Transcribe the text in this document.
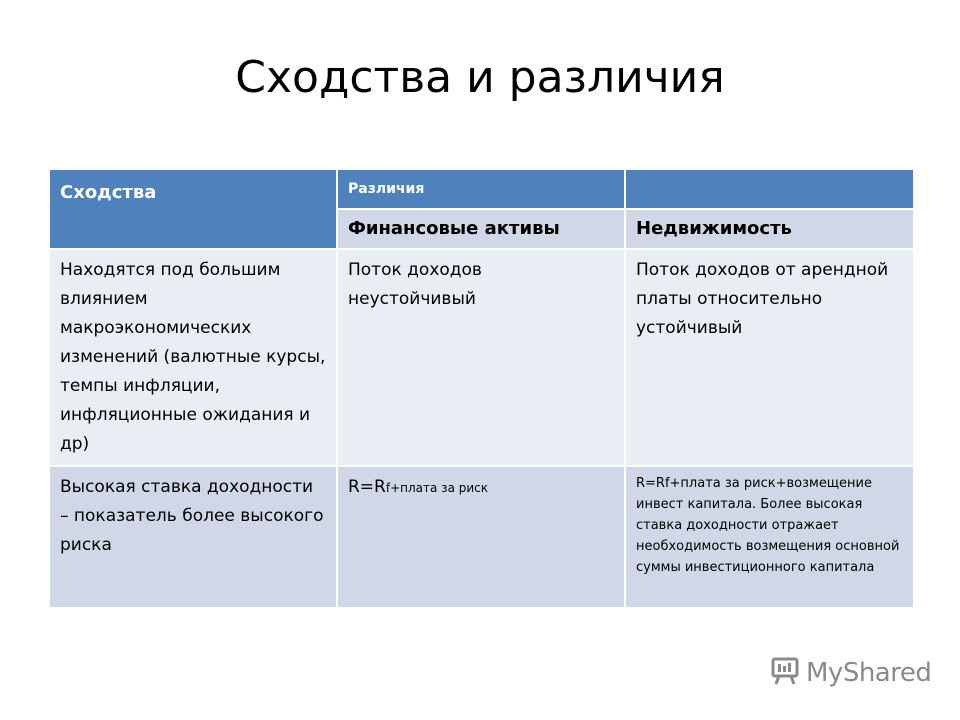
Сходства и различия
Сходства	Различия	
	Финансовые активы	Недвижимость
Находятся под большим влиянием макроэкономических изменений (валютные курсы, темпы инфляции, инфляционные ожидания и др)	Поток доходов неустойчивый	Поток доходов от арендной платы относительно устойчивый
Высокая ставка доходности – показатель более высокого риска	R=Rf+плата за риск	R=Rf+плата за риск+возмещение инвест капитала. Более высокая ставка доходности отражает необходимость возмещения основной суммы инвестиционного капитала
MyShared
